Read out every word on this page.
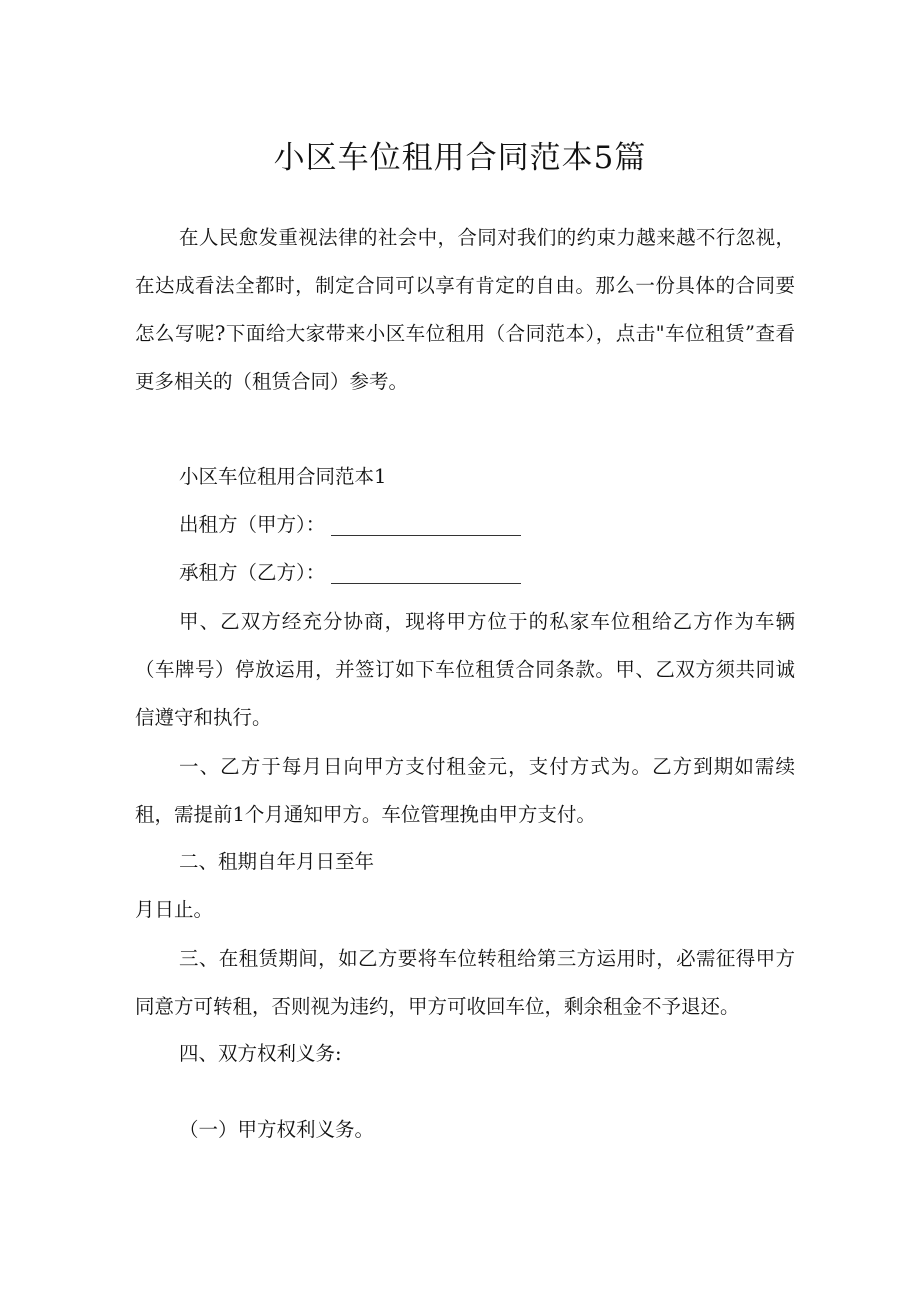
小区车位租用合同范本5篇

在人民愈发重视法律的社会中，合同对我们的约束力越来越不行忽视，在达成看法全都时，制定合同可以享有肯定的自由。那么一份具体的合同要怎么写呢?下面给大家带来小区车位租用（合同范本），点击"车位租赁”查看更多相关的（租赁合同）参考。

小区车位租用合同范本1
出租方（甲方）：
承租方（乙方）：

甲、乙双方经充分协商，现将甲方位于的私家车位租给乙方作为车辆（车牌号）停放运用，并签订如下车位租赁合同条款。甲、乙双方须共同诚信遵守和执行。

一、乙方于每月日向甲方支付租金元，支付方式为。乙方到期如需续租，需提前1个月通知甲方。车位管理挽由甲方支付。

二、租期自年月日至年
月日止。

三、在租赁期间，如乙方要将车位转租给第三方运用时，必需征得甲方同意方可转租，否则视为违约，甲方可收回车位，剩余租金不予退还。

四、双方权利义务:
（一）甲方权利义务。
